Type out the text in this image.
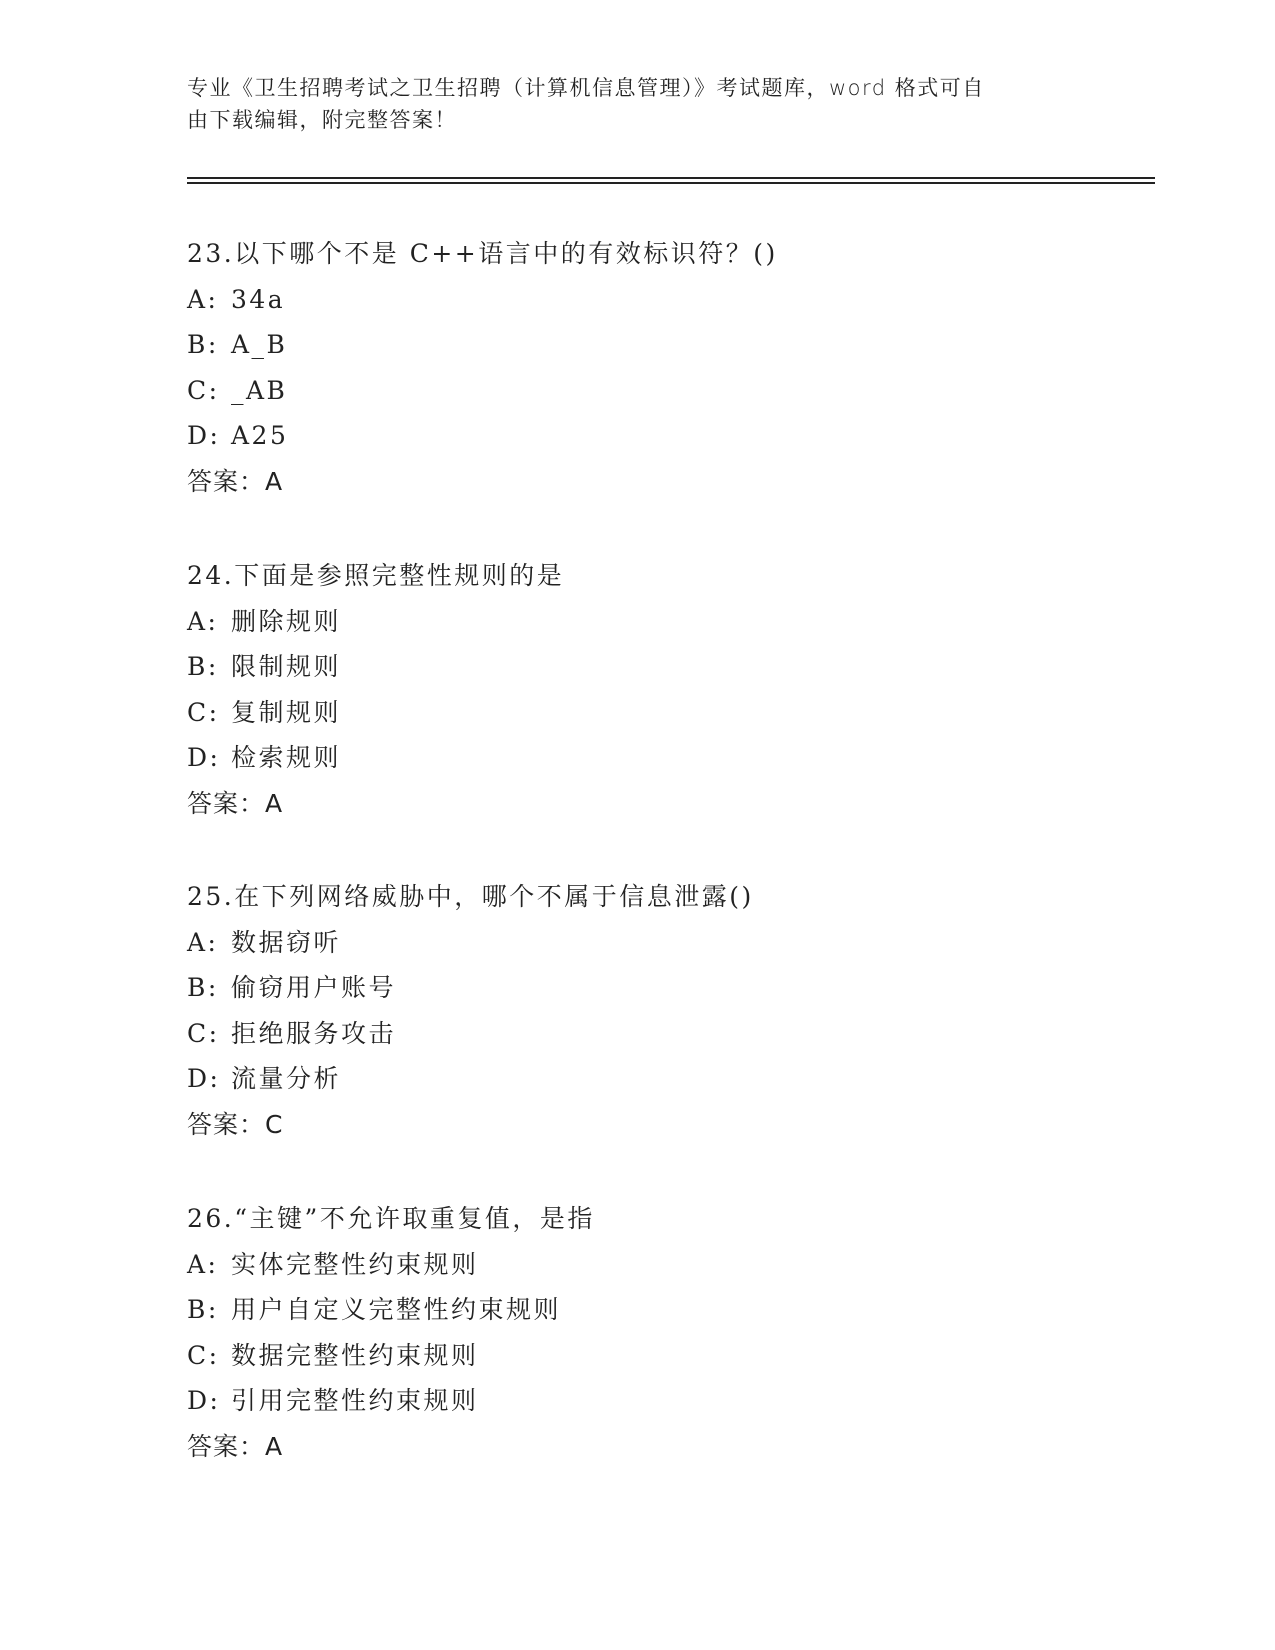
专业《卫生招聘考试之卫生招聘（计算机信息管理）》考试题库，word 格式可自
由下载编辑，附完整答案！
23.以下哪个不是 C++语言中的有效标识符？()
A: 34a
B: A_B
C: _AB
D: A25
答案：A
24.下面是参照完整性规则的是
A: 删除规则
B: 限制规则
C: 复制规则
D: 检索规则
答案：A
25.在下列网络威胁中，哪个不属于信息泄露()
A: 数据窃听
B: 偷窃用户账号
C: 拒绝服务攻击
D: 流量分析
答案：C
26.“主键”不允许取重复值，是指
A: 实体完整性约束规则
B: 用户自定义完整性约束规则
C: 数据完整性约束规则
D: 引用完整性约束规则
答案：A
